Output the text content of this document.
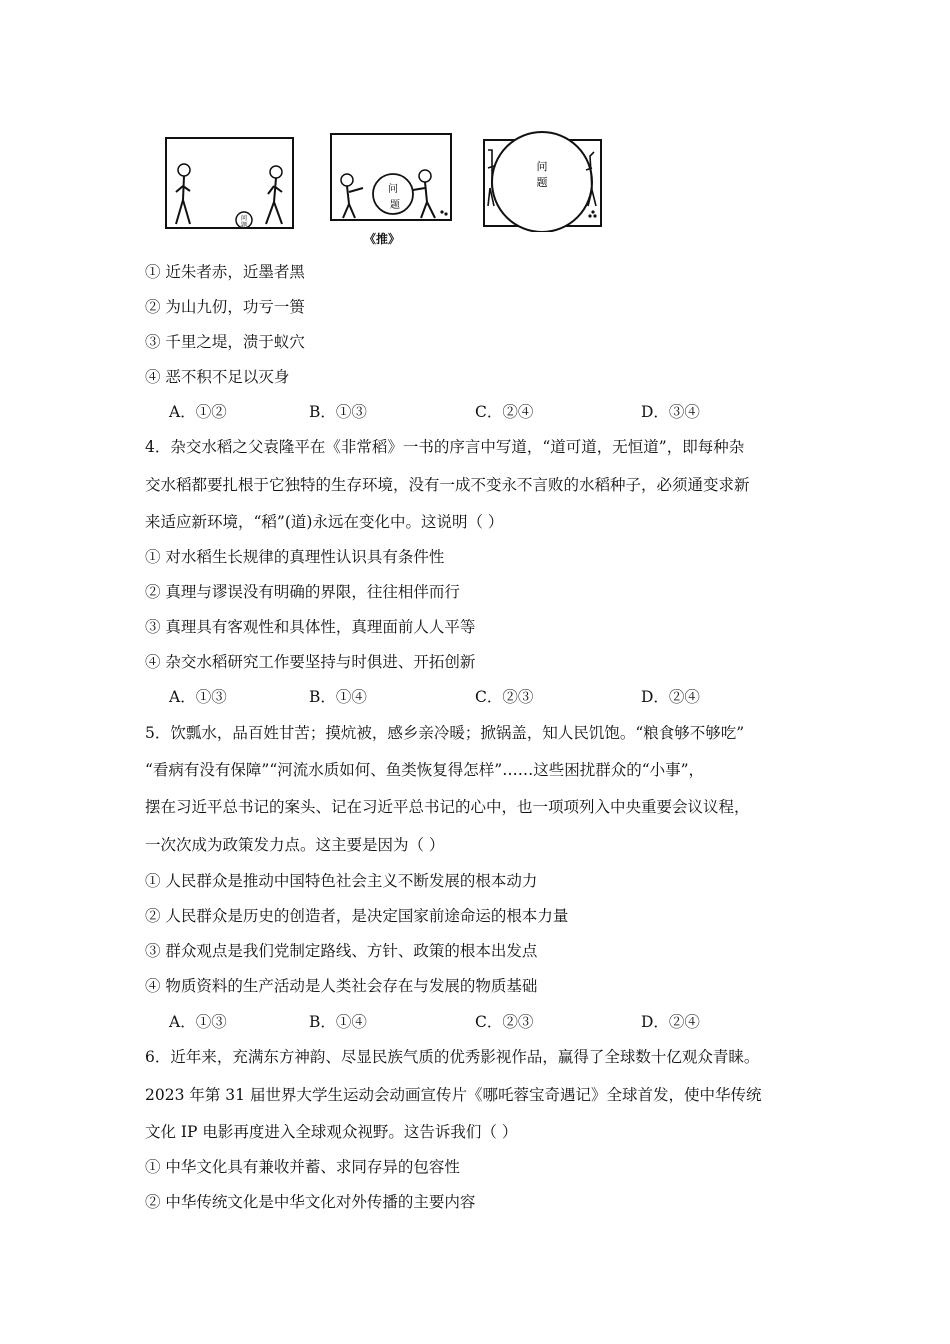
问
题
问
题
问
题
《推》
① 近朱者赤，近墨者黑
② 为山九仞，功亏一篑
③ 千里之堤，溃于蚁穴
④ 恶不积不足以灭身
A．①②	B．①③	C．②④	D．③④
4．杂交水稻之父袁隆平在《非常稻》一书的序言中写道，“道可道，无恒道”，即每种杂
交水稻都要扎根于它独特的生存环境，没有一成不变永不言败的水稻种子，必须通变求新
来适应新环境，“稻”(道)永远在变化中。这说明（ ）
① 对水稻生长规律的真理性认识具有条件性
② 真理与谬误没有明确的界限，往往相伴而行
③ 真理具有客观性和具体性，真理面前人人平等
④ 杂交水稻研究工作要坚持与时俱进、开拓创新
A．①③	B．①④	C．②③	D．②④
5．饮瓢水，品百姓甘苦；摸炕被，感乡亲冷暖；掀锅盖，知人民饥饱。“粮食够不够吃”
“看病有没有保障”“河流水质如何、鱼类恢复得怎样”……这些困扰群众的“小事”，
摆在习近平总书记的案头、记在习近平总书记的心中，也一项项列入中央重要会议议程，
一次次成为政策发力点。这主要是因为（ ）
① 人民群众是推动中国特色社会主义不断发展的根本动力
② 人民群众是历史的创造者，是决定国家前途命运的根本力量
③ 群众观点是我们党制定路线、方针、政策的根本出发点
④ 物质资料的生产活动是人类社会存在与发展的物质基础
A．①③	B．①④	C．②③	D．②④
6．近年来，充满东方神韵、尽显民族气质的优秀影视作品，赢得了全球数十亿观众青睐。
2023 年第 31 届世界大学生运动会动画宣传片《哪吒蓉宝奇遇记》全球首发，使中华传统
文化 IP 电影再度进入全球观众视野。这告诉我们（ ）
① 中华文化具有兼收并蓄、求同存异的包容性
② 中华传统文化是中华文化对外传播的主要内容
